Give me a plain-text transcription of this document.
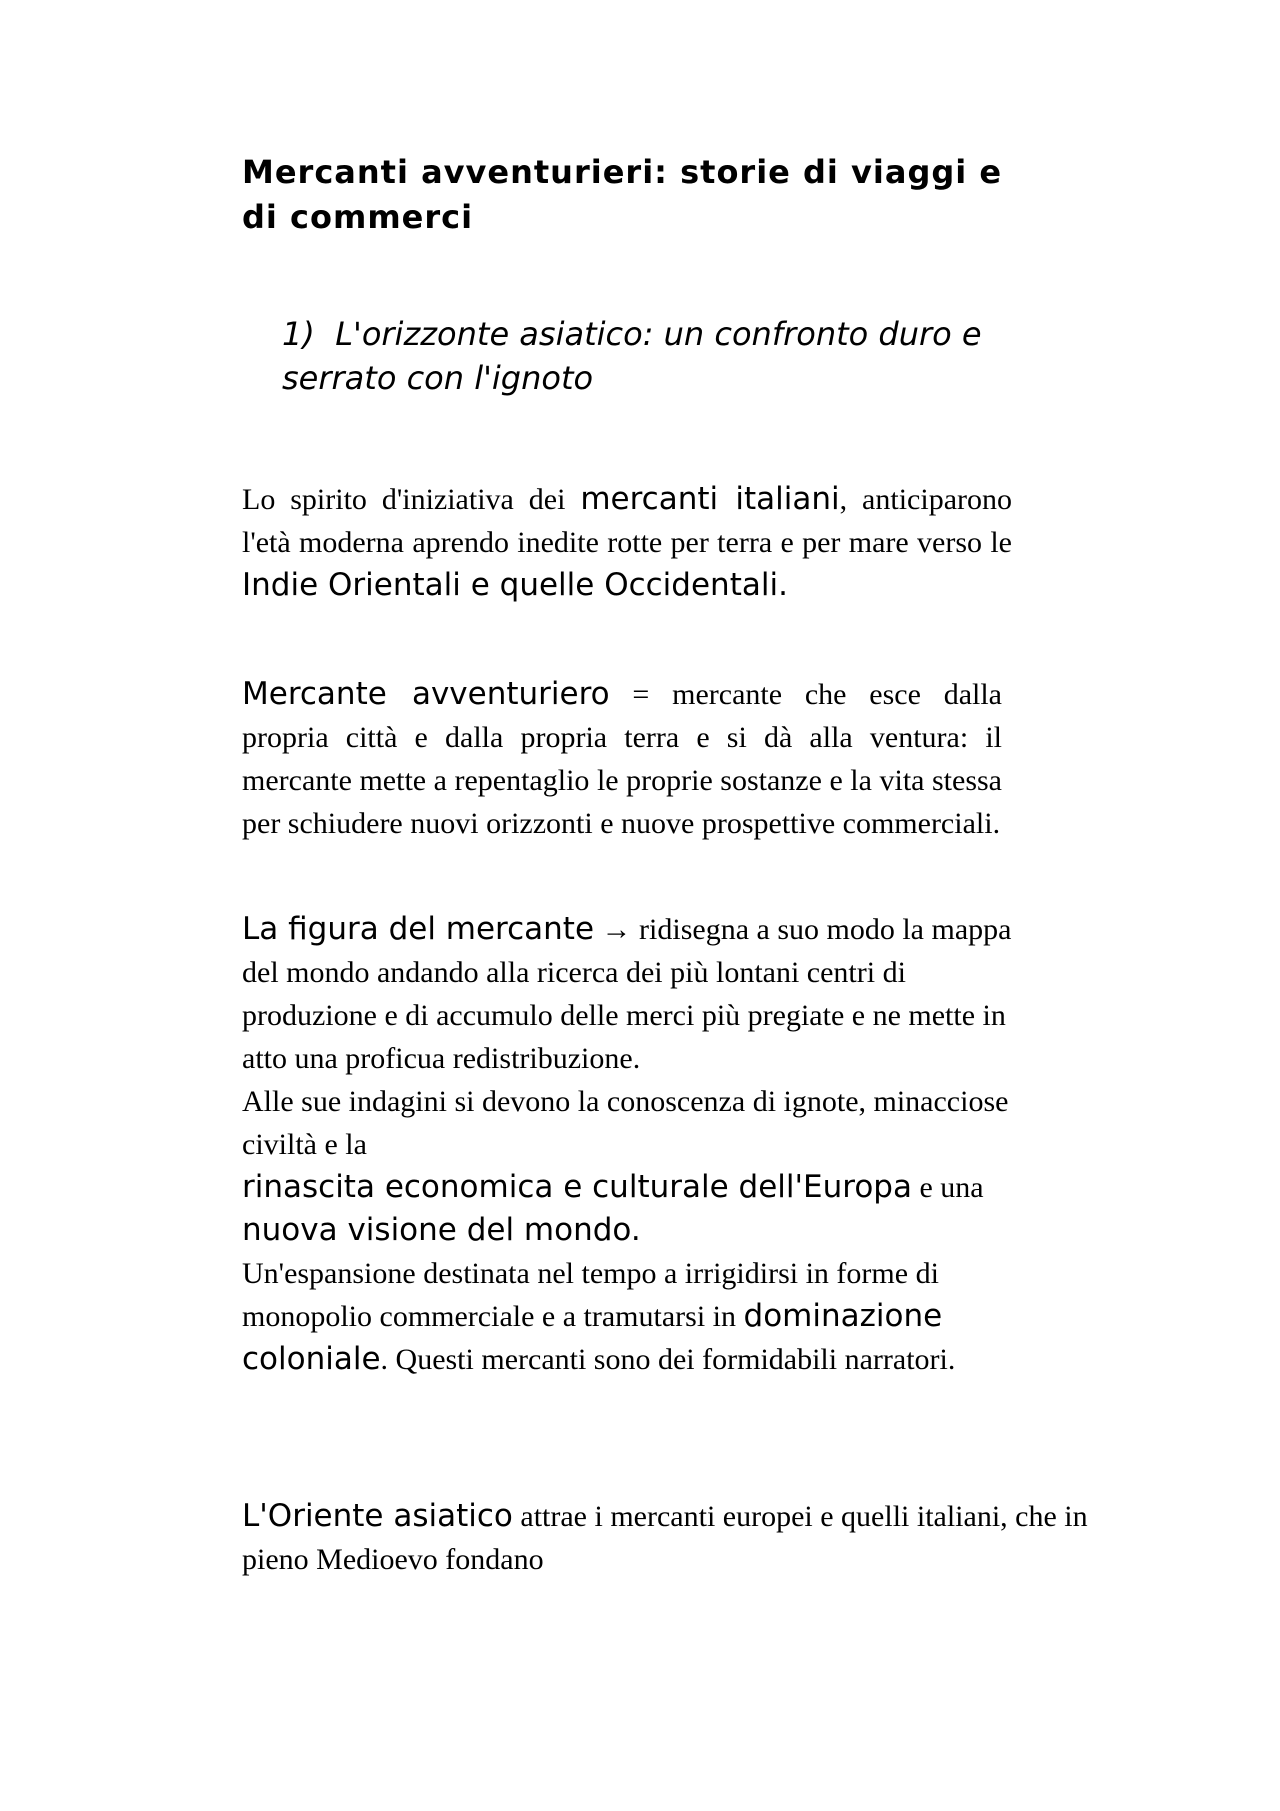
Mercanti avventurieri: storie di viaggi e di commerci

1) L'orizzonte asiatico: un confronto duro e serrato con l'ignoto

Lo spirito d'iniziativa dei mercanti italiani, anticiparono l'età moderna aprendo inedite rotte per terra e per mare verso le Indie Orientali e quelle Occidentali.

Mercante avventuriero = mercante che esce dalla propria città e dalla propria terra e si dà alla ventura: il mercante mette a repentaglio le proprie sostanze e la vita stessa per schiudere nuovi orizzonti e nuove prospettive commerciali.

La figura del mercante → ridisegna a suo modo la mappa del mondo andando alla ricerca dei più lontani centri di produzione e di accumulo delle merci più pregiate e ne mette in atto una proficua redistribuzione.
Alle sue indagini si devono la conoscenza di ignote, minacciose civiltà e la
rinascita economica e culturale dell'Europa e una nuova visione del mondo.
Un'espansione destinata nel tempo a irrigidirsi in forme di monopolio commerciale e a tramutarsi in dominazione coloniale. Questi mercanti sono dei formidabili narratori.

L'Oriente asiatico attrae i mercanti europei e quelli italiani, che in pieno Medioevo fondano
